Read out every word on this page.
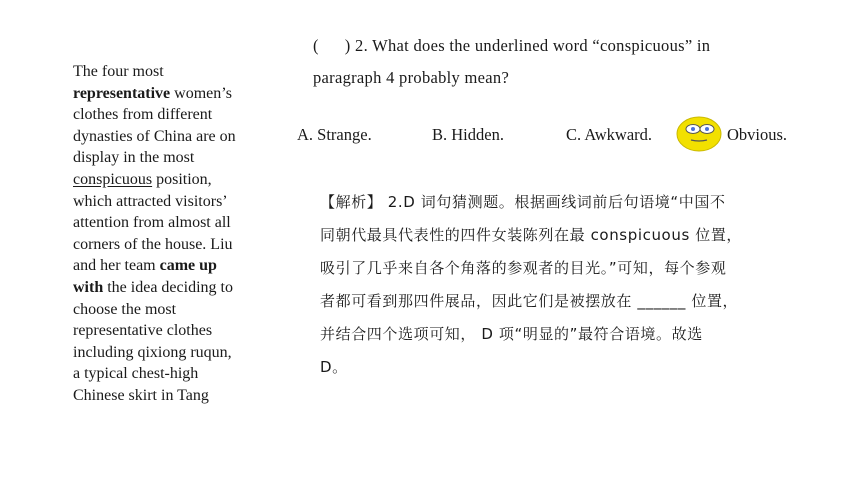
The four most
representative women’s clothes from different dynasties of China are on display in the most conspicuous position, which attracted visitors’ attention from almost all corners of the house. Liu and her team came up with the idea deciding to choose the most representative clothes including qixiong ruqun, a typical chest-high Chinese skirt in Tang
( ) 2. What does the underlined word “conspicuous” in
paragraph 4 probably mean?
A. Strange.	B. Hidden.	C. Awkward.	Obvious.
【解析】 2.D 词句猜测题。根据画线词前后句语境“中国不
同朝代最具代表性的四件女装陈列在最 conspicuous 位置，
吸引了几乎来自各个角落的参观者的目光。”可知，每个参观
者都可看到那四件展品，因此它们是被摆放在 ______ 位置，
并结合四个选项可知， D 项“明显的”最符合语境。故选
D。
